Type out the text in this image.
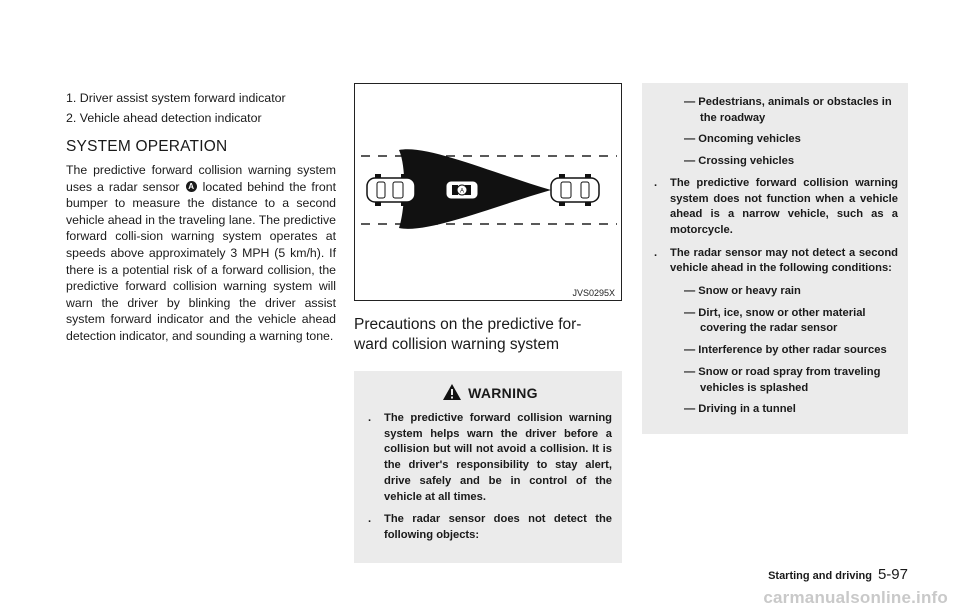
1. Driver assist system forward indicator
2. Vehicle ahead detection indicator
SYSTEM OPERATION

The predictive forward collision warning system uses a radar sensor A located behind the front bumper to measure the distance to a second vehicle ahead in the traveling lane. The predictive forward colli-sion warning system operates at speeds above approximately 3 MPH (5 km/h). If there is a potential risk of a forward collision, the predictive forward collision warning system will warn the driver by blinking the driver assist system forward indicator and the vehicle ahead detection indicator, and sounding a warning tone.

A
JVS0295X
Precautions on the predictive for-
ward collision warning system
WARNING
. The predictive forward collision warning system helps warn the driver before a collision but will not avoid a collision. It is the driver's responsibility to stay alert, drive safely and be in control of the vehicle at all times.
. The radar sensor does not detect the following objects:
— Pedestrians, animals or obstacles in the roadway
— Oncoming vehicles
— Crossing vehicles
. The predictive forward collision warning system does not function when a vehicle ahead is a narrow vehicle, such as a motorcycle.
. The radar sensor may not detect a second vehicle ahead in the following conditions:
— Snow or heavy rain
— Dirt, ice, snow or other material covering the radar sensor
— Interference by other radar sources
— Snow or road spray from traveling vehicles is splashed
— Driving in a tunnel
Starting and driving 5-97
carmanualsonline.info
